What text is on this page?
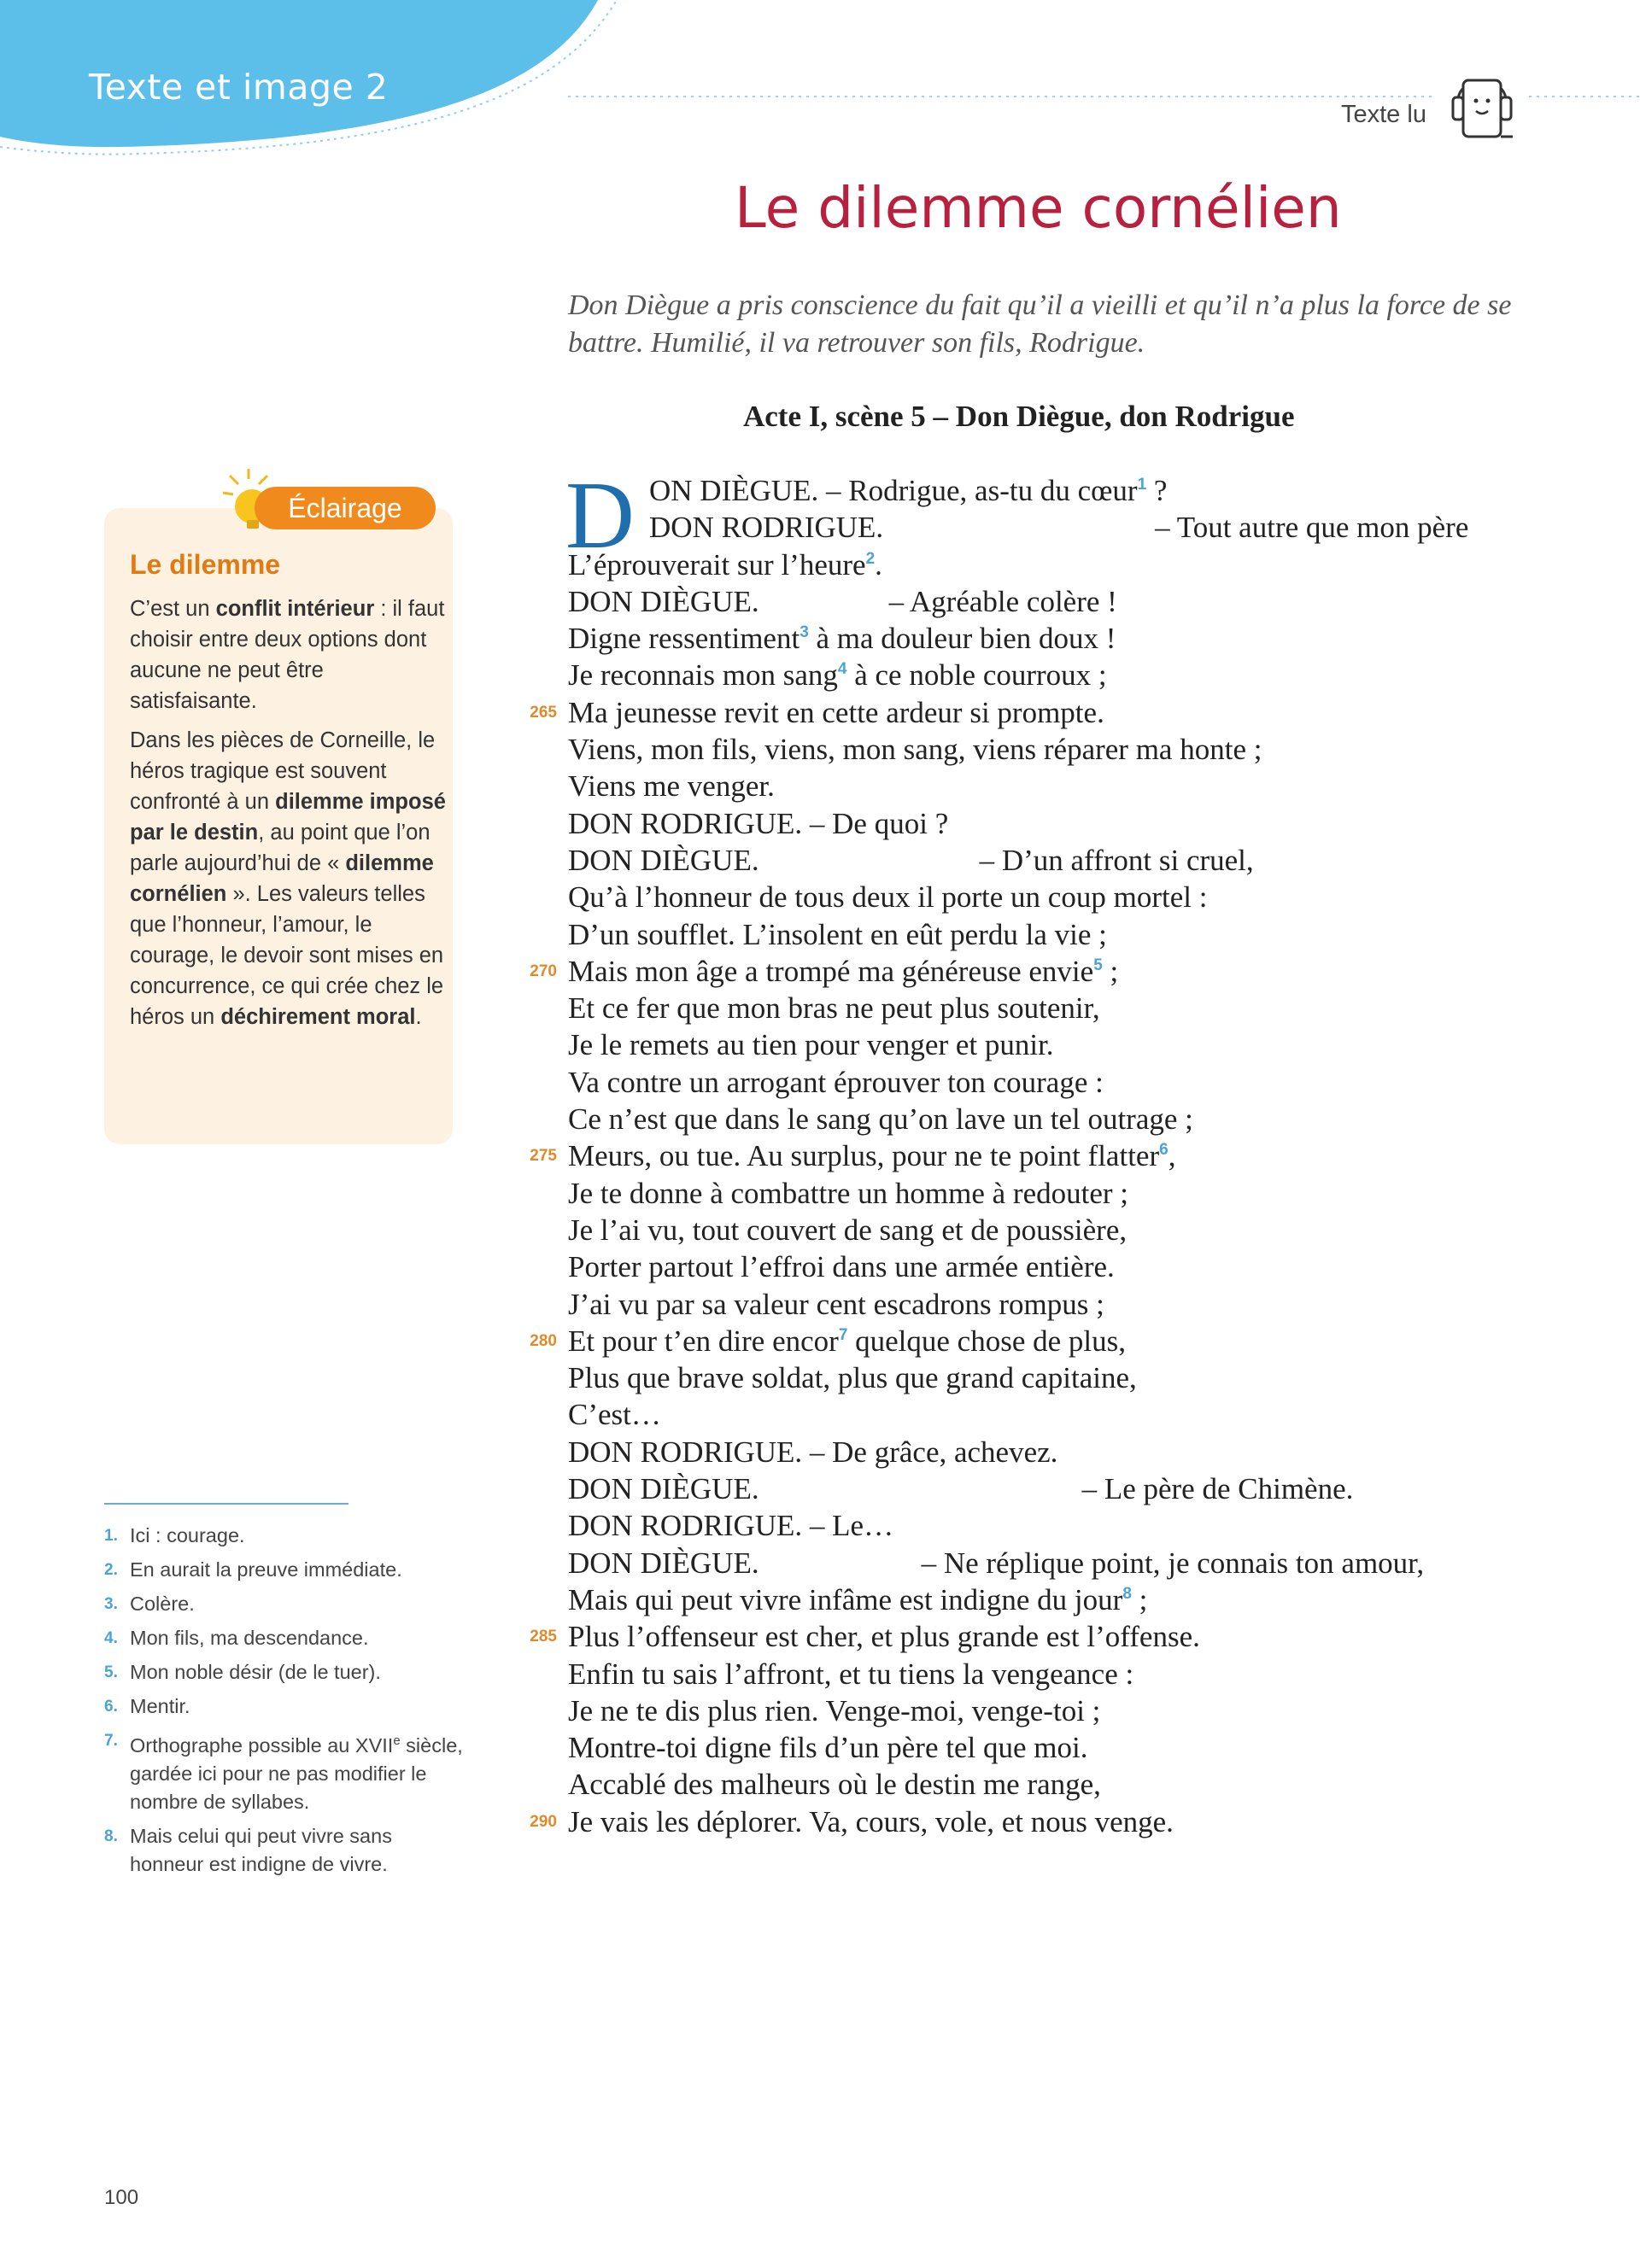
Texte et image 2
Texte lu
Le dilemme cornélien
Don Diègue a pris conscience du fait qu’il a vieilli et qu’il n’a plus la force de se battre. Humilié, il va retrouver son fils, Rodrigue.
Acte I, scène 5 – Don Diègue, don Rodrigue
Éclairage
Le dilemme

C’est un conflit intérieur : il faut choisir entre deux options dont aucune ne peut être satisfaisante.

Dans les pièces de Corneille, le héros tragique est souvent confronté à un dilemme imposé par le destin, au point que l’on parle aujourd’hui de « dilemme cornélien ». Les valeurs telles que l’honneur, l’amour, le courage, le devoir sont mises en concurrence, ce qui crée chez le héros un déchirement moral.

1. Ici : courage.
2. En aurait la preuve immédiate.
3. Colère.
4. Mon fils, ma descendance.
5. Mon noble désir (de le tuer).
6. Mentir.
7. Orthographe possible au XVIIe siècle, gardée ici pour ne pas modifier le nombre de syllabes.
8. Mais celui qui peut vivre sans honneur est indigne de vivre.
100
D ON DIÈGUE. – Rodrigue, as-tu du cœur$^1$ ?
DON RODRIGUE.	– Tout autre que mon père
L’éprouverait sur l’heure$^2$.
DON DIÈGUE.	– Agréable colère !
Digne ressentiment$^3$ à ma douleur bien doux !
Je reconnais mon sang$^4$ à ce noble courroux ;
265 Ma jeunesse revit en cette ardeur si prompte.
Viens, mon fils, viens, mon sang, viens réparer ma honte ;
Viens me venger.
DON RODRIGUE. – De quoi ?
DON DIÈGUE.	– D’un affront si cruel,
Qu’à l’honneur de tous deux il porte un coup mortel :
D’un soufflet. L’insolent en eût perdu la vie ;
270 Mais mon âge a trompé ma généreuse envie$^5$ ;
Et ce fer que mon bras ne peut plus soutenir,
Je le remets au tien pour venger et punir.
Va contre un arrogant éprouver ton courage :
Ce n’est que dans le sang qu’on lave un tel outrage ;
275 Meurs, ou tue. Au surplus, pour ne te point flatter$^6$,
Je te donne à combattre un homme à redouter ;
Je l’ai vu, tout couvert de sang et de poussière,
Porter partout l’effroi dans une armée entière.
J’ai vu par sa valeur cent escadrons rompus ;
280 Et pour t’en dire encor$^7$ quelque chose de plus,
Plus que brave soldat, plus que grand capitaine,
C’est…
DON RODRIGUE. – De grâce, achevez.
DON DIÈGUE.	– Le père de Chimène.
DON RODRIGUE. – Le…
DON DIÈGUE.	– Ne réplique point, je connais ton amour,
Mais qui peut vivre infâme est indigne du jour$^8$ ;
285 Plus l’offenseur est cher, et plus grande est l’offense.
Enfin tu sais l’affront, et tu tiens la vengeance :
Je ne te dis plus rien. Venge-moi, venge-toi ;
Montre-toi digne fils d’un père tel que moi.
Accablé des malheurs où le destin me range,
290 Je vais les déplorer. Va, cours, vole, et nous venge.
